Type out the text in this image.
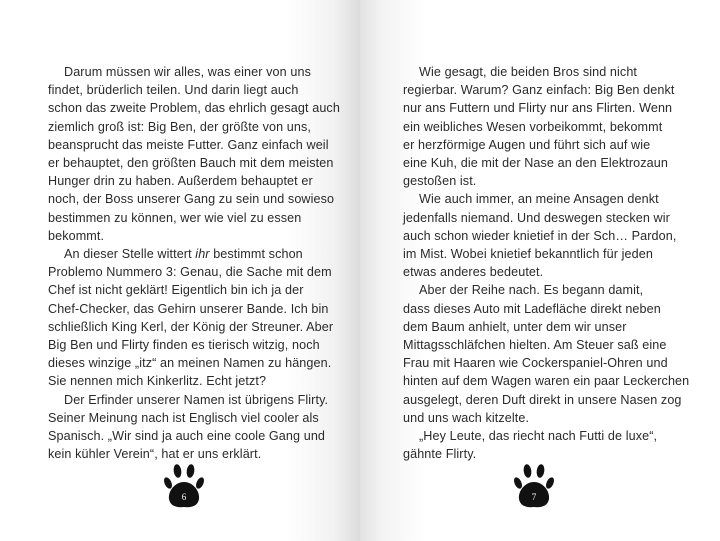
Darum müssen wir alles, was einer von uns
findet, brüderlich teilen. Und darin liegt auch
schon das zweite Problem, das ehrlich gesagt auch
ziemlich groß ist: Big Ben, der größte von uns,
beansprucht das meiste Futter. Ganz einfach weil
er behauptet, den größten Bauch mit dem meisten
Hunger drin zu haben. Außerdem behauptet er
noch, der Boss unserer Gang zu sein und sowieso
bestimmen zu können, wer wie viel zu essen
bekommt.
An dieser Stelle wittert ihr bestimmt schon
Problemo Nummero 3: Genau, die Sache mit dem
Chef ist nicht geklärt! Eigentlich bin ich ja der
Chef-Checker, das Gehirn unserer Bande. Ich bin
schließlich King Kerl, der König der Streuner. Aber
Big Ben und Flirty finden es tierisch witzig, noch
dieses winzige „itz“ an meinen Namen zu hängen.
Sie nennen mich Kinkerlitz. Echt jetzt?
Der Erfinder unserer Namen ist übrigens Flirty.
Seiner Meinung nach ist Englisch viel cooler als
Spanisch. „Wir sind ja auch eine coole Gang und
kein kühler Verein“, hat er uns erklärt.
6
Wie gesagt, die beiden Bros sind nicht
regierbar. Warum? Ganz einfach: Big Ben denkt
nur ans Futtern und Flirty nur ans Flirten. Wenn
ein weibliches Wesen vorbeikommt, bekommt
er herzförmige Augen und führt sich auf wie
eine Kuh, die mit der Nase an den Elektrozaun
gestoßen ist.
Wie auch immer, an meine Ansagen denkt
jedenfalls niemand. Und deswegen stecken wir
auch schon wieder knietief in der Sch… Pardon,
im Mist. Wobei knietief bekanntlich für jeden
etwas anderes bedeutet.
Aber der Reihe nach. Es begann damit,
dass dieses Auto mit Ladefläche direkt neben
dem Baum anhielt, unter dem wir unser
Mittagsschläfchen hielten. Am Steuer saß eine
Frau mit Haaren wie Cockerspaniel-Ohren und
hinten auf dem Wagen waren ein paar Leckerchen
ausgelegt, deren Duft direkt in unsere Nasen zog
und uns wach kitzelte.
„Hey Leute, das riecht nach Futti de luxe“,
gähnte Flirty.
7
